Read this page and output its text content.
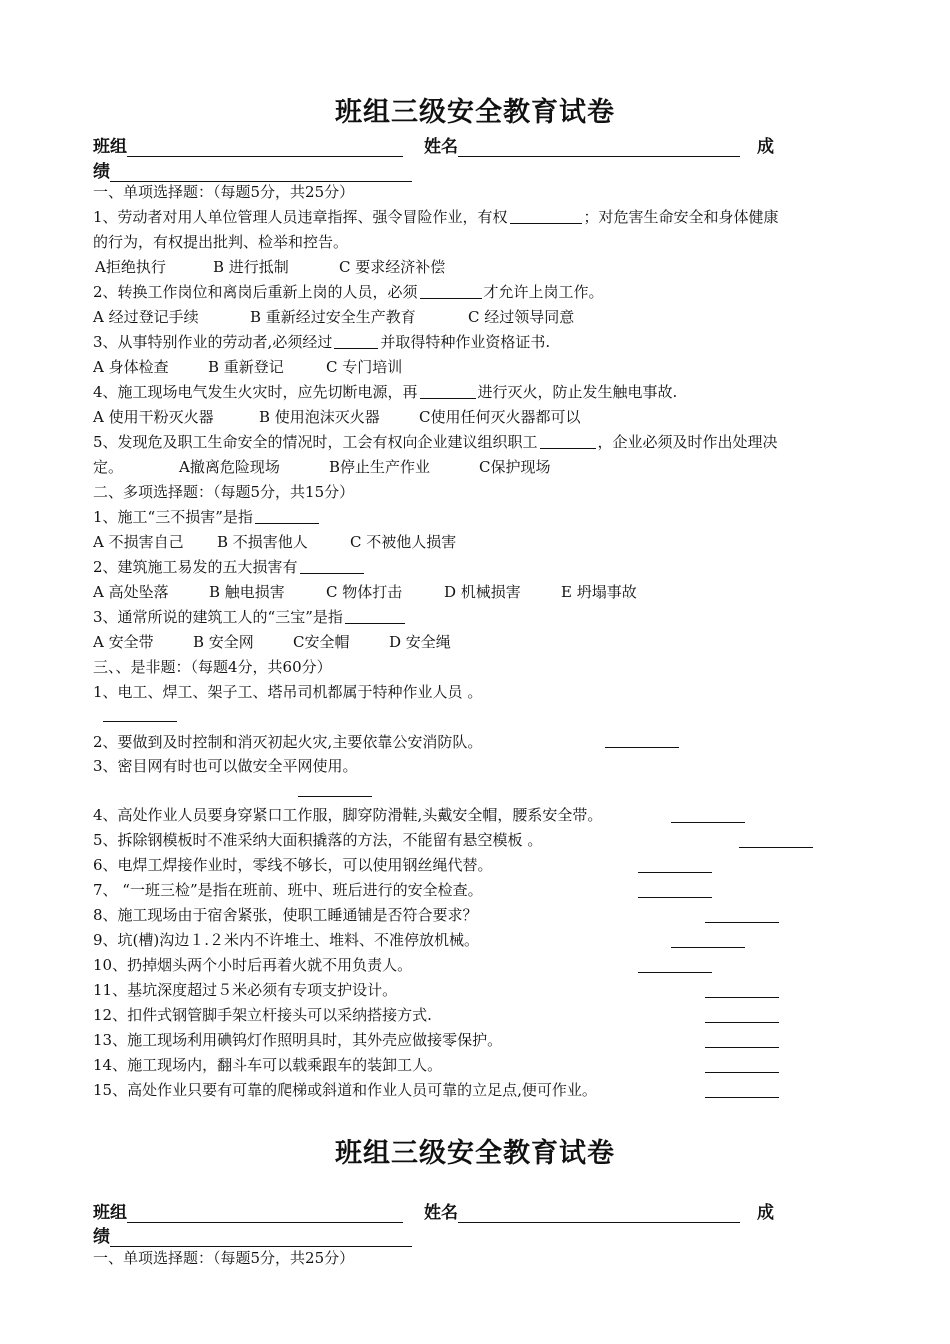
班组三级安全教育试卷
班组	姓名	成
绩
一、单项选择题：（每题5分，共25分）
1、劳动者对用人单位管理人员违章指挥、强令冒险作业，有权	；对危害生命安全和身体健康
的行为，有权提出批判、检举和控告。
A拒绝执行	B 进行抵制	C 要求经济补偿
2、转换工作岗位和离岗后重新上岗的人员，必须	才允许上岗工作。
A 经过登记手续	B 重新经过安全生产教育	C 经过领导同意
3、从事特别作业的劳动者,必须经过	并取得特种作业资格证书.
A 身体检查	B 重新登记	C 专门培训
4、施工现场电气发生火灾时，应先切断电源，再	进行灭火，防止发生触电事故.
A 使用干粉灭火器	B 使用泡沫灭火器	C使用任何灭火器都可以
5、发现危及职工生命安全的情况时，工会有权向企业建议组织职工	，企业必须及时作出处理决
定。	A撤离危险现场	B停止生产作业	C保护现场
二、多项选择题：（每题5分，共15分）
1、施工“三不损害”是指
A 不损害自己 B 不损害他人	C 不被他人损害
2、建筑施工易发的五大损害有
A 高处坠落	B 触电损害	C 物体打击	D 机械损害	E 坍塌事故
3、通常所说的建筑工人的“三宝”是指
A 安全带	B 安全网	C安全帽	D 安全绳
三、、是非题：（每题4分，共60分）
1、电工、焊工、架子工、塔吊司机都属于特种作业人员 。
2、要做到及时控制和消灭初起火灾,主要依靠公安消防队。
3、密目网有时也可以做安全平网使用。
4、高处作业人员要身穿紧口工作服，脚穿防滑鞋,头戴安全帽，腰系安全带。
5、拆除钢模板时不准采纳大面积撬落的方法，不能留有悬空模板 。
6、电焊工焊接作业时，零线不够长，可以使用钢丝绳代替。
7、 “一班三检”是指在班前、班中、班后进行的安全检查。
8、施工现场由于宿舍紧张，使职工睡通铺是否符合要求？
9、坑(槽)沟边１.２米内不许堆土、堆料、不准停放机械。
10、扔掉烟头两个小时后再着火就不用负责人。
11、基坑深度超过５米必须有专项支护设计。
12、扣件式钢管脚手架立杆接头可以采纳搭接方式.
13、施工现场利用碘钨灯作照明具时，其外壳应做接零保护。
14、施工现场内，翻斗车可以载乘跟车的装卸工人。
15、高处作业只要有可靠的爬梯或斜道和作业人员可靠的立足点,便可作业。
班组三级安全教育试卷
班组	姓名	成
绩
一、单项选择题：（每题5分，共25分）
